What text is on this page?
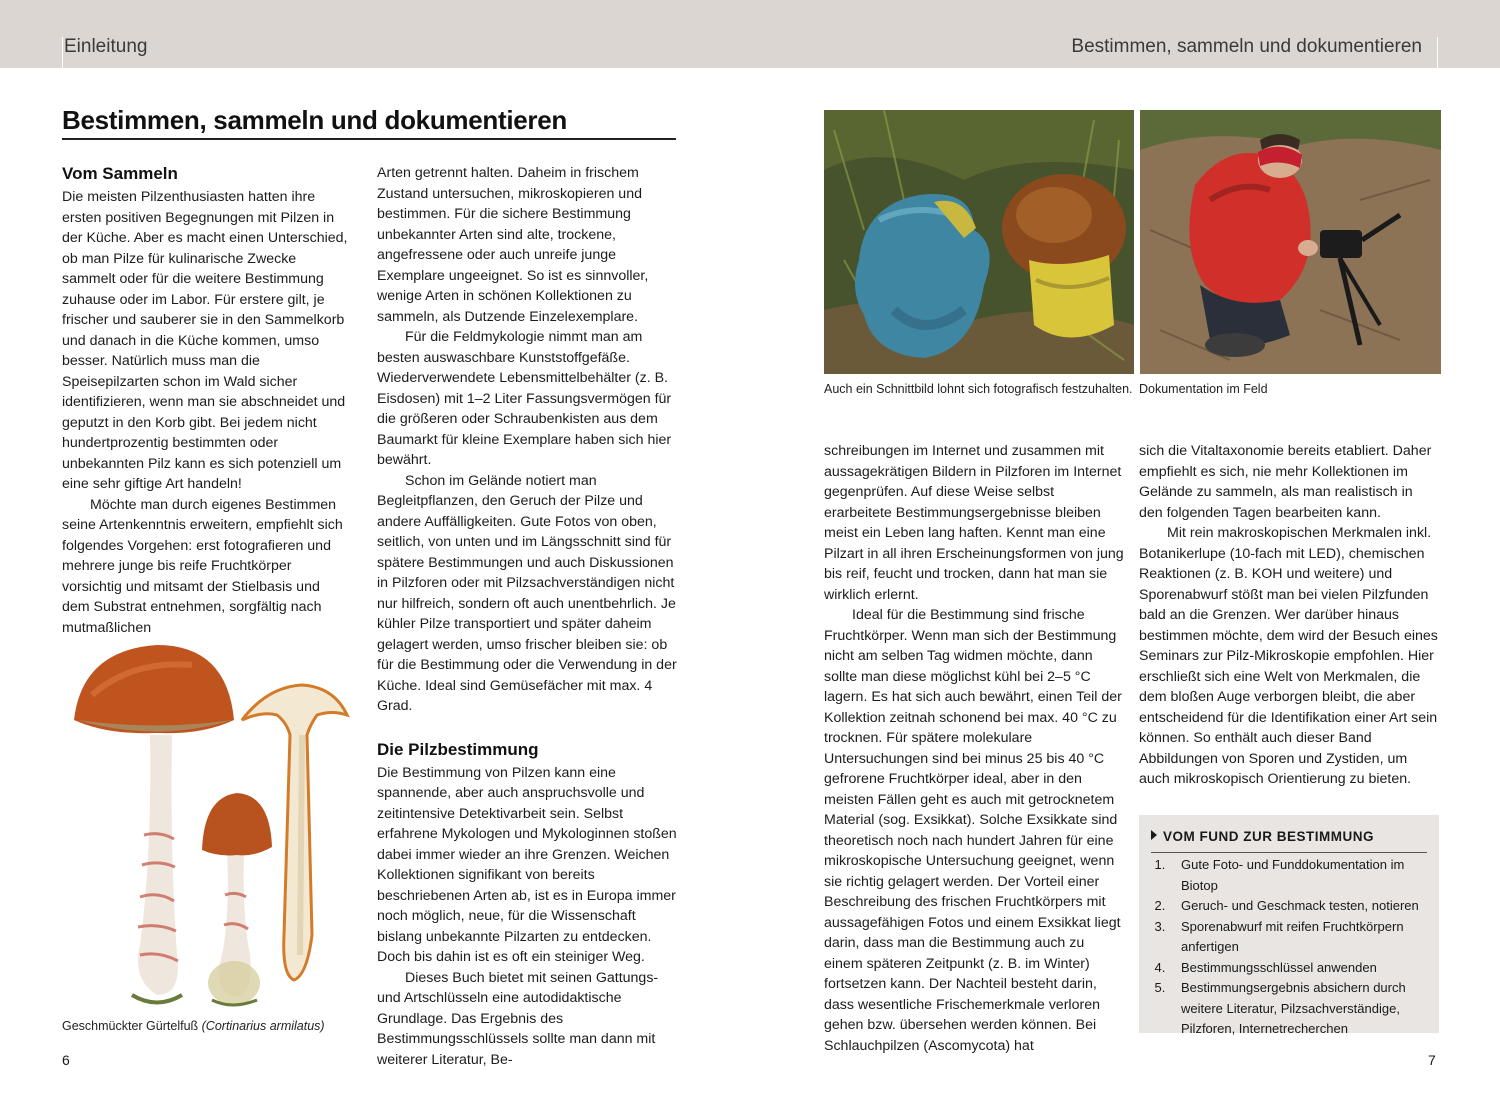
Einleitung	Bestimmen, sammeln und dokumentieren
Bestimmen, sammeln und dokumentieren
Vom Sammeln

Die meisten Pilzenthusiasten hatten ihre ersten positiven Begegnungen mit Pilzen in der Küche. Aber es macht einen Unterschied, ob man Pilze für kulinarische Zwecke sammelt oder für die weitere Bestimmung zuhause oder im Labor. Für erstere gilt, je frischer und sauberer sie in den Sammelkorb und danach in die Küche kommen, umso besser. Natürlich muss man die Speisepilzarten schon im Wald sicher identifizieren, wenn man sie abschneidet und geputzt in den Korb gibt. Bei jedem nicht hundertprozentig bestimmten oder unbekannten Pilz kann es sich potenziell um eine sehr giftige Art handeln!

Möchte man durch eigenes Bestimmen seine Artenkenntnis erweitern, empfiehlt sich folgendes Vorgehen: erst fotografieren und mehrere junge bis reife Fruchtkörper vorsichtig und mitsamt der Stielbasis und dem Substrat entnehmen, sorgfältig nach mutmaßlichen

Arten getrennt halten. Daheim in frischem Zustand untersuchen, mikroskopieren und bestimmen. Für die sichere Bestimmung unbekannter Arten sind alte, trockene, angefressene oder auch unreife junge Exemplare ungeeignet. So ist es sinnvoller, wenige Arten in schönen Kollektionen zu sammeln, als Dutzende Einzelexemplare.

Für die Feldmykologie nimmt man am besten auswaschbare Kunststoffgefäße. Wiederverwendete Lebensmittelbehälter (z. B. Eisdosen) mit 1–2 Liter Fassungsvermögen für die größeren oder Schraubenkisten aus dem Baumarkt für kleine Exemplare haben sich hier bewährt.

Schon im Gelände notiert man Begleitpflanzen, den Geruch der Pilze und andere Auffälligkeiten. Gute Fotos von oben, seitlich, von unten und im Längsschnitt sind für spätere Bestimmungen und auch Diskussionen in Pilzforen oder mit Pilzsachverständigen nicht nur hilfreich, sondern oft auch unentbehrlich. Je kühler Pilze transportiert und später daheim gelagert werden, umso frischer bleiben sie: ob für die Bestimmung oder die Verwendung in der Küche. Ideal sind Gemüsefächer mit max. 4 Grad.

Die Pilzbestimmung

Die Bestimmung von Pilzen kann eine spannende, aber auch anspruchsvolle und zeitintensive Detektivarbeit sein. Selbst erfahrene Mykologen und Mykologinnen stoßen dabei immer wieder an ihre Grenzen. Weichen Kollektionen signifikant von bereits beschriebenen Arten ab, ist es in Europa immer noch möglich, neue, für die Wissenschaft bislang unbekannte Pilzarten zu entdecken. Doch bis dahin ist es oft ein steiniger Weg.

Dieses Buch bietet mit seinen Gattungs- und Artschlüsseln eine autodidaktische Grundlage. Das Ergebnis des Bestimmungsschlüssels sollte man dann mit weiterer Literatur, Be-

schreibungen im Internet und zusammen mit aussagekrätigen Bildern in Pilzforen im Internet gegenprüfen. Auf diese Weise selbst erarbeitete Bestimmungsergebnisse bleiben meist ein Leben lang haften. Kennt man eine Pilzart in all ihren Erscheinungsformen von jung bis reif, feucht und trocken, dann hat man sie wirklich erlernt.

Ideal für die Bestimmung sind frische Fruchtkörper. Wenn man sich der Bestimmung nicht am selben Tag widmen möchte, dann sollte man diese möglichst kühl bei 2–5 °C lagern. Es hat sich auch bewährt, einen Teil der Kollektion zeitnah schonend bei max. 40 °C zu trocknen. Für spätere molekulare Untersuchungen sind bei minus 25 bis 40 °C gefrorene Fruchtkörper ideal, aber in den meisten Fällen geht es auch mit getrocknetem Material (sog. Exsikkat). Solche Exsikkate sind theoretisch noch nach hundert Jahren für eine mikroskopische Untersuchung geeignet, wenn sie richtig gelagert werden. Der Vorteil einer Beschreibung des frischen Fruchtkörpers mit aussagefähigen Fotos und einem Exsikkat liegt darin, dass man die Bestimmung auch zu einem späteren Zeitpunkt (z. B. im Winter) fortsetzen kann. Der Nachteil besteht darin, dass wesentliche Frischemerkmale verloren gehen bzw. übersehen werden können. Bei Schlauchpilzen (Ascomycota) hat

sich die Vitaltaxonomie bereits etabliert. Daher empfiehlt es sich, nie mehr Kollektionen im Gelände zu sammeln, als man realistisch in den folgenden Tagen bearbeiten kann.

Mit rein makroskopischen Merkmalen inkl. Botanikerlupe (10-fach mit LED), chemischen Reaktionen (z. B. KOH und weitere) und Sporenabwurf stößt man bei vielen Pilzfunden bald an die Grenzen. Wer darüber hinaus bestimmen möchte, dem wird der Besuch eines Seminars zur Pilz-Mikroskopie empfohlen. Hier erschließt sich eine Welt von Merkmalen, die dem bloßen Auge verborgen bleibt, die aber entscheidend für die Identifikation einer Art sein können. So enthält auch dieser Band Abbildungen von Sporen und Zystiden, um auch mikroskopisch Orientierung zu bieten.

Auch ein Schnittbild lohnt sich fotografisch festzuhalten. Dokumentation im Feld
Geschmückter Gürtelfuß (Cortinarius armilatus)
VOM FUND ZUR BESTIMMUNG
1. Gute Foto- und Funddokumentation im Biotop
2. Geruch- und Geschmack testen, notieren
3. Sporenabwurf mit reifen Fruchtkörpern anfertigen
4. Bestimmungsschlüssel anwenden
5. Bestimmungsergebnis absichern durch weitere Literatur, Pilzsachverständige, Pilzforen, Internetrecherchen
6	7
